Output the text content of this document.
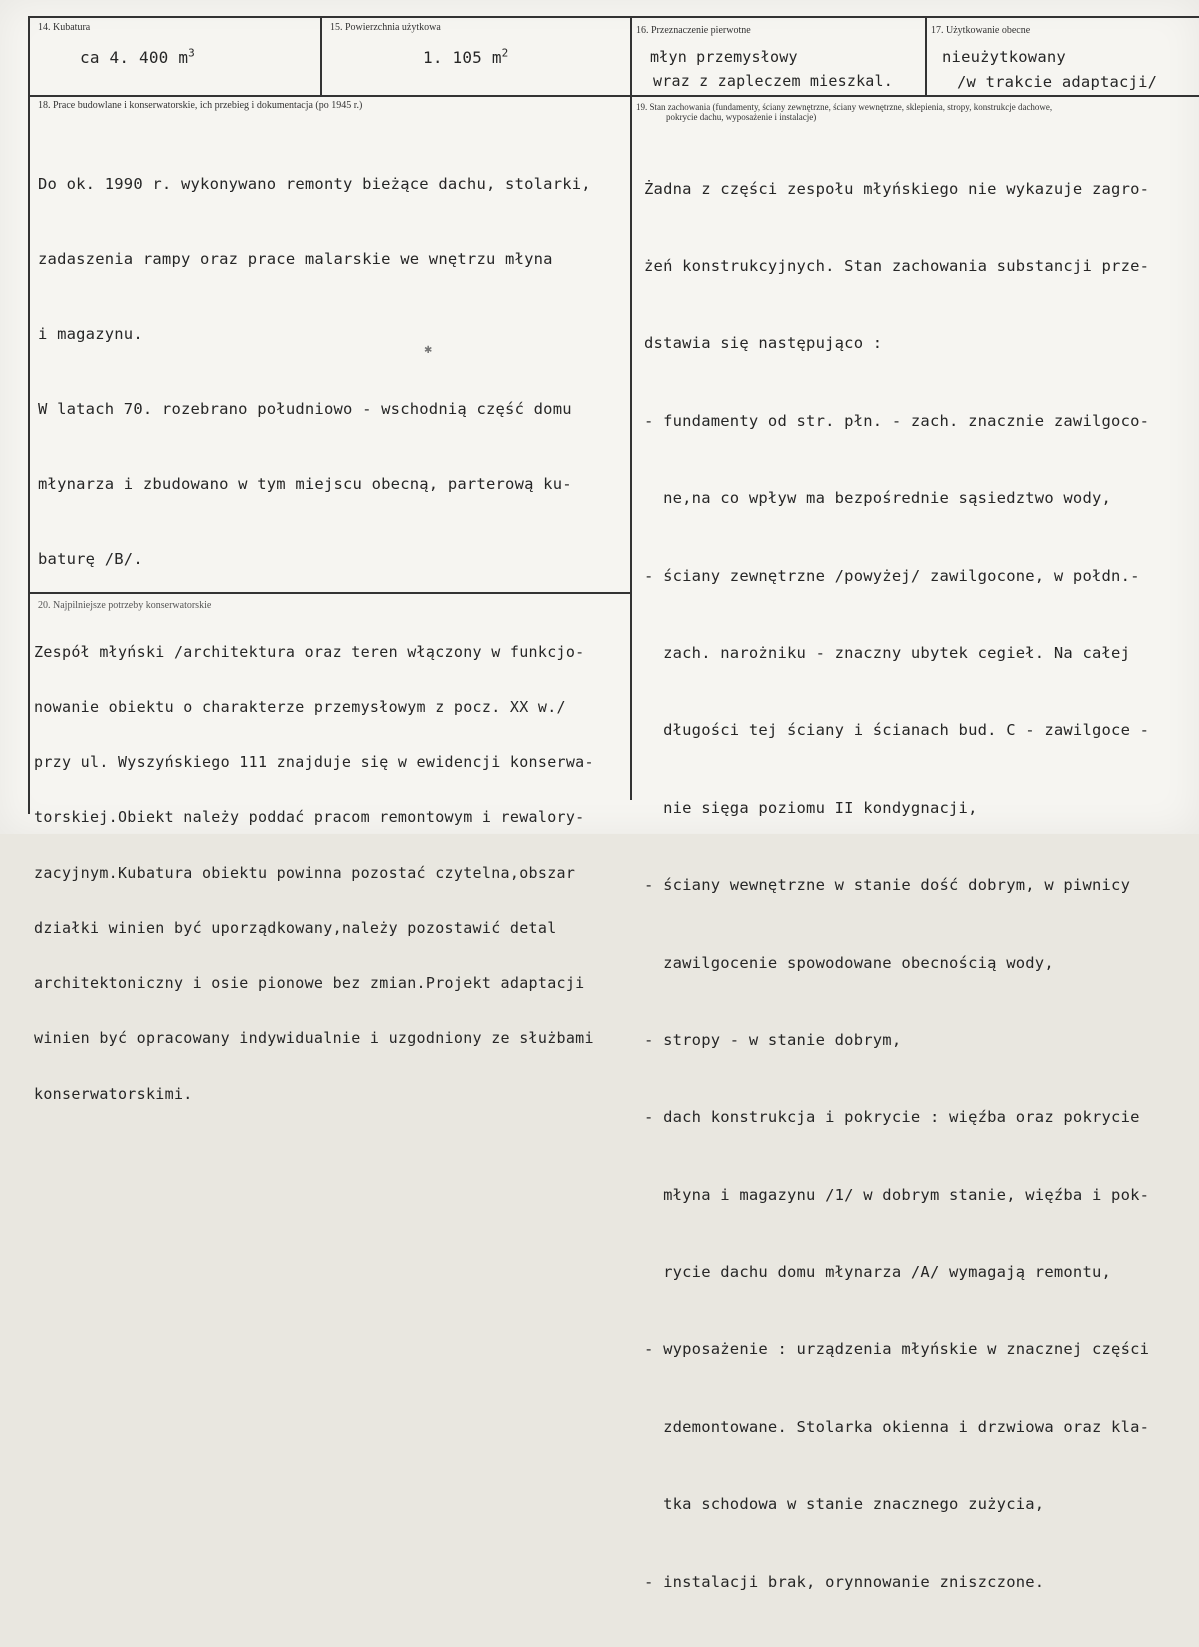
14. Kubatura
ca 4. 400 $m^3$
15. Powierzchnia użytkowa
1. 105 $m^2$
16. Przeznaczenie pierwotne
młyn przemysłowy
wraz z zapleczem mieszkal.
17. Użytkowanie obecne
nieużytkowany
/w trakcie adaptacji/
18. Prace budowlane i konserwatorskie, ich przebieg i dokumentacja (po 1945 r.)

Do ok. 1990 r. wykonywano remonty bieżące dachu, stolarki,

zadaszenia rampy oraz prace malarskie we wnętrzu młyna

i magazynu.

W latach 70. rozebrano południowo - wschodnią część domu

młynarza i zbudowano w tym miejscu obecną, parterową ku-

baturę /B/.

19. Stan zachowania (fundamenty, ściany zewnętrzne, ściany wewnętrzne, sklepienia, stropy, konstrukcje dachowe,
pokrycie dachu, wyposażenie i instalacje)

Żadna z części zespołu młyńskiego nie wykazuje zagro-

żeń konstrukcyjnych. Stan zachowania substancji prze-

dstawia się następująco :

- fundamenty od str. płn. - zach. znacznie zawilgoco-

ne,na co wpływ ma bezpośrednie sąsiedztwo wody,

- ściany zewnętrzne /powyżej/ zawilgocone, w połdn.-

zach. narożniku - znaczny ubytek cegieł. Na całej

długości tej ściany i ścianach bud. C - zawilgoce -

nie sięga poziomu II kondygnacji,

- ściany wewnętrzne w stanie dość dobrym, w piwnicy

zawilgocenie spowodowane obecnością wody,

- stropy - w stanie dobrym,

- dach konstrukcja i pokrycie : więźba oraz pokrycie

młyna i magazynu /1/ w dobrym stanie, więźba i pok-

rycie dachu domu młynarza /A/ wymagają remontu,

- wyposażenie : urządzenia młyńskie w znacznej części

zdemontowane. Stolarka okienna i drzwiowa oraz kla-

tka schodowa w stanie znacznego zużycia,

- instalacji brak, orynnowanie zniszczone.

20. Najpilniejsze potrzeby konserwatorskie

Zespół młyński /architektura oraz teren włączony w funkcjo-

nowanie obiektu o charakterze przemysłowym z pocz. XX w./

przy ul. Wyszyńskiego 111 znajduje się w ewidencji konserwa-

torskiej.Obiekt należy poddać pracom remontowym i rewalory-

zacyjnym.Kubatura obiektu powinna pozostać czytelna,obszar

działki winien być uporządkowany,należy pozostawić detal

architektoniczny i osie pionowe bez zmian.Projekt adaptacji

winien być opracowany indywidualnie i uzgodniony ze służbami

konserwatorskimi.

✱
